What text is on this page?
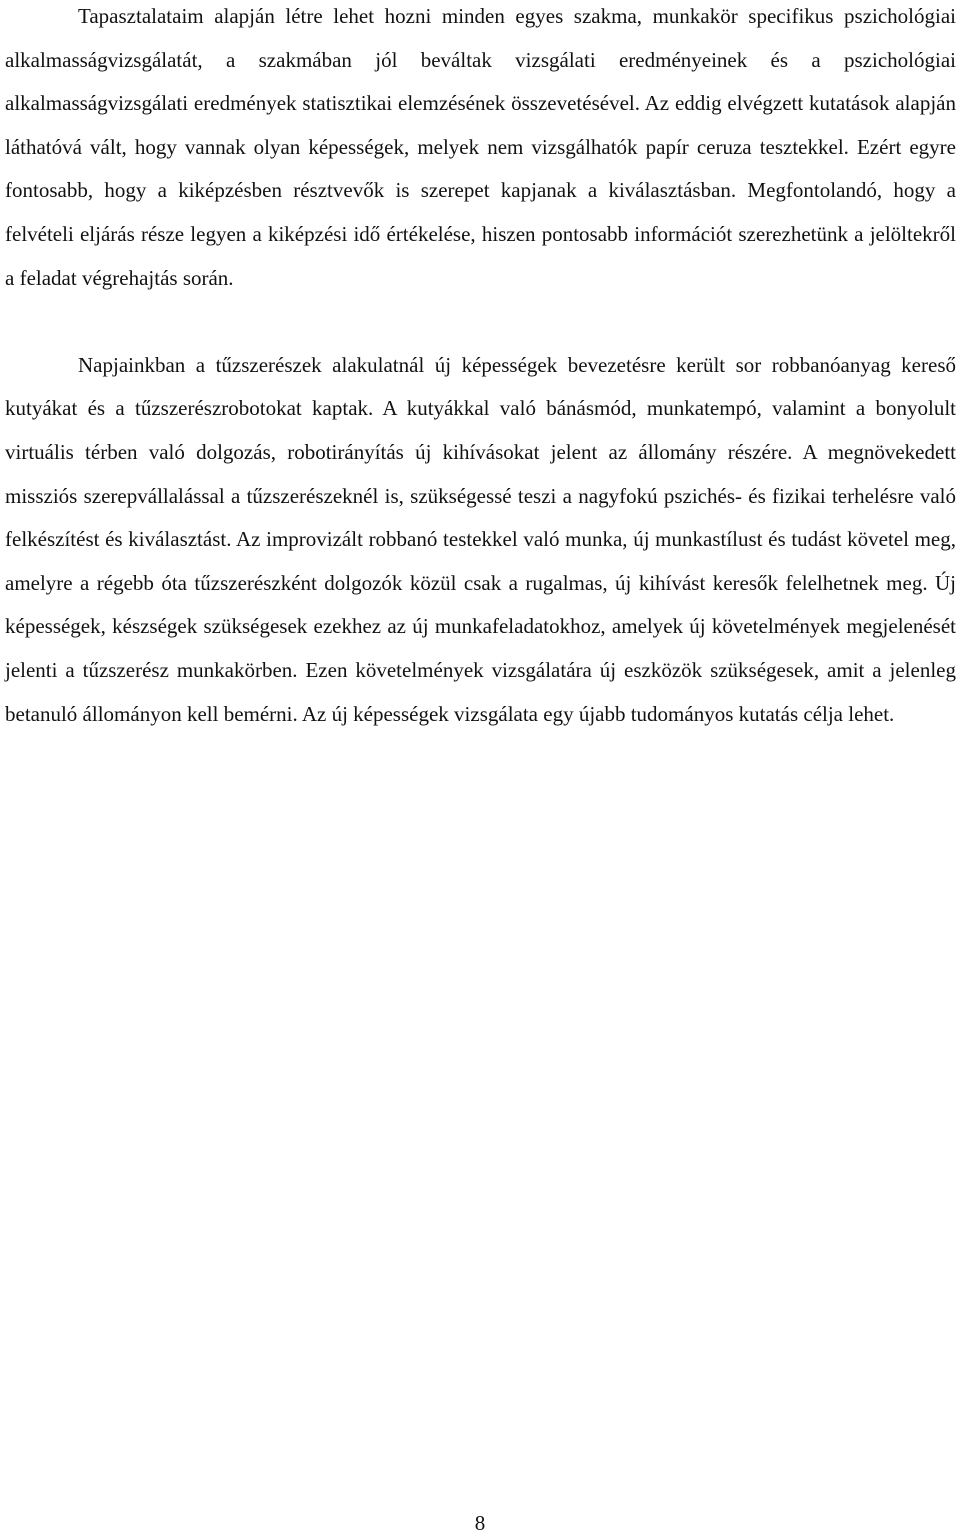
Tapasztalataim alapján létre lehet hozni minden egyes szakma, munkakör specifikus pszichológiai alkalmasságvizsgálatát, a szakmában jól beváltak vizsgálati eredményeinek és a pszichológiai alkalmasságvizsgálati eredmények statisztikai elemzésének összevetésével. Az eddig elvégzett kutatások alapján láthatóvá vált, hogy vannak olyan képességek, melyek nem vizsgálhatók papír ceruza tesztekkel. Ezért egyre fontosabb, hogy a kiképzésben résztvevők is szerepet kapjanak a kiválasztásban. Megfontolandó, hogy a felvételi eljárás része legyen a kiképzési idő értékelése, hiszen pontosabb információt szerezhetünk a jelöltekről a feladat végrehajtás során.

Napjainkban a tűzszerészek alakulatnál új képességek bevezetésre került sor robbanóanyag kereső kutyákat és a tűzszerészrobotokat kaptak. A kutyákkal való bánásmód, munkatempó, valamint a bonyolult virtuális térben való dolgozás, robotirányítás új kihívásokat jelent az állomány részére. A megnövekedett missziós szerepvállalással a tűzszerészeknél is, szükségessé teszi a nagyfokú pszichés- és fizikai terhelésre való felkészítést és kiválasztást. Az improvizált robbanó testekkel való munka, új munkastílust és tudást követel meg, amelyre a régebb óta tűzszerészként dolgozók közül csak a rugalmas, új kihívást keresők felelhetnek meg. Új képességek, készségek szükségesek ezekhez az új munkafeladatokhoz, amelyek új követelmények megjelenését jelenti a tűzszerész munkakörben. Ezen követelmények vizsgálatára új eszközök szükségesek, amit a jelenleg betanuló állományon kell bemérni. Az új képességek vizsgálata egy újabb tudományos kutatás célja lehet.

8
